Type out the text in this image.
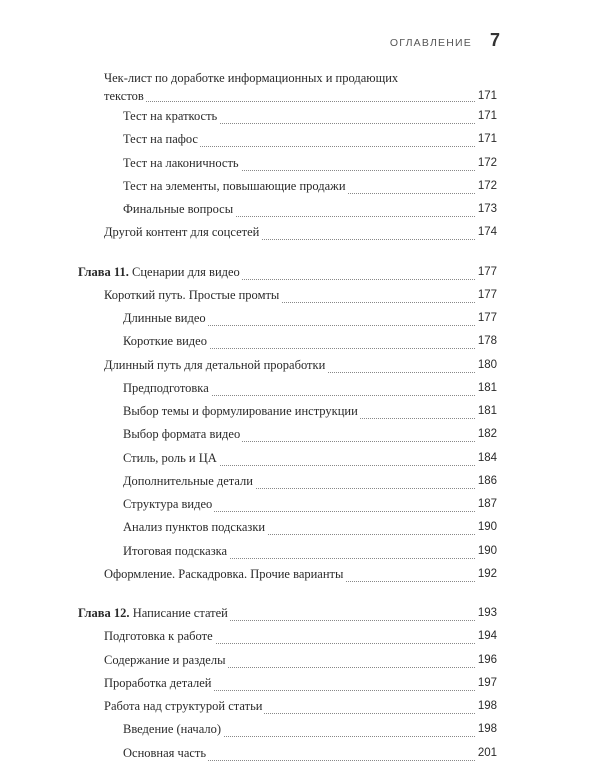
ОГЛАВЛЕНИЕ 7
Чек-лист по доработке информационных и продающих
текстов	171
Тест на краткость	171
Тест на пафос	171
Тест на лаконичность	172
Тест на элементы, повышающие продажи	172
Финальные вопросы	173
Другой контент для соцсетей	174
Глава 11. Сценарии для видео	177
Короткий путь. Простые промты	177
Длинные видео	177
Короткие видео	178
Длинный путь для детальной проработки	180
Предподготовка	181
Выбор темы и формулирование инструкции	181
Выбор формата видео	182
Стиль, роль и ЦА	184
Дополнительные детали	186
Структура видео	187
Анализ пунктов подсказки	190
Итоговая подсказка	190
Оформление. Раскадровка. Прочие варианты	192
Глава 12. Написание статей	193
Подготовка к работе	194
Содержание и разделы	196
Проработка деталей	197
Работа над структурой статьи	198
Введение (начало)	198
Основная часть	201
